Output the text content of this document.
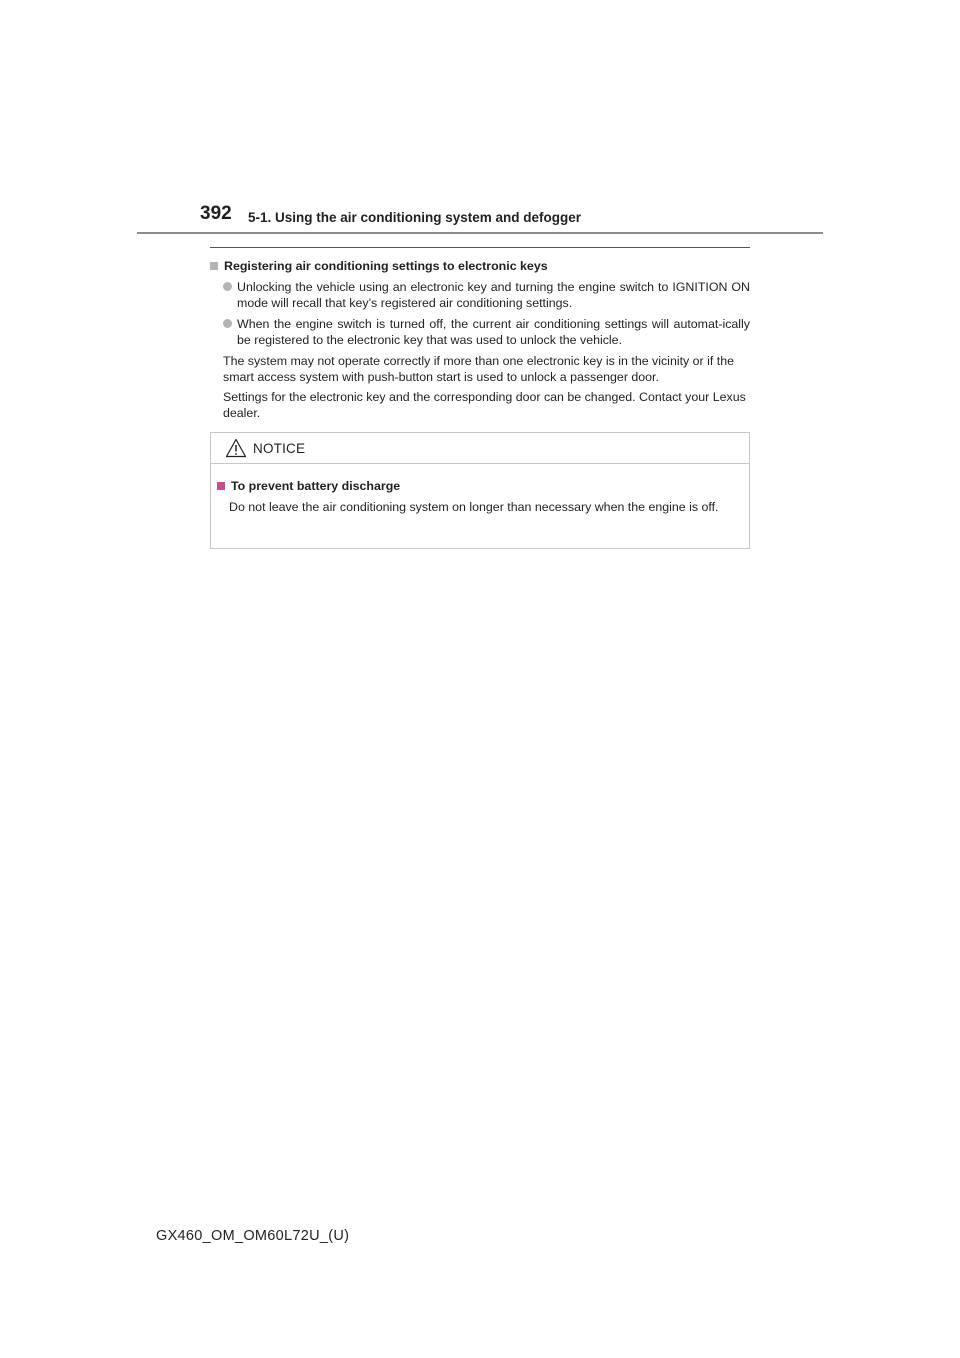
392 5-1. Using the air conditioning system and defogger
Registering air conditioning settings to electronic keys
Unlocking the vehicle using an electronic key and turning the engine switch to IGNITION ON mode will recall that key’s registered air conditioning settings.
When the engine switch is turned off, the current air conditioning settings will automat-ically be registered to the electronic key that was used to unlock the vehicle.

The system may not operate correctly if more than one electronic key is in the vicinity or if the smart access system with push-button start is used to unlock a passenger door.

Settings for the electronic key and the corresponding door can be changed. Contact your Lexus dealer.

NOTICE
To prevent battery discharge

Do not leave the air conditioning system on longer than necessary when the engine is off.

GX460_OM_OM60L72U_(U)
